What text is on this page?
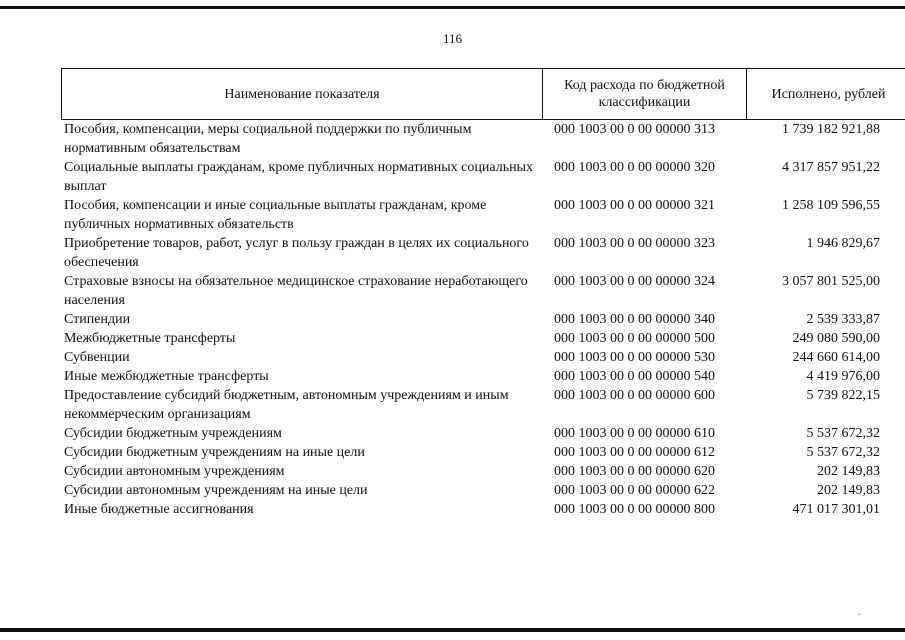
116
Наименование показателя	Код расхода по бюджетной классификации	Исполнено, рублей
Пособия, компенсации, меры социальной поддержки по публичным нормативным обязательствам
000 1003 00 0 00 00000 313	1 739 182 921,88
Социальные выплаты гражданам, кроме публичных нормативных социальных выплат
000 1003 00 0 00 00000 320	4 317 857 951,22
Пособия, компенсации и иные социальные выплаты гражданам, кроме публичных нормативных обязательств
000 1003 00 0 00 00000 321	1 258 109 596,55
Приобретение товаров, работ, услуг в пользу граждан в целях их социального обеспечения
000 1003 00 0 00 00000 323	1 946 829,67
Страховые взносы на обязательное медицинское страхование неработающего населения
000 1003 00 0 00 00000 324	3 057 801 525,00
Стипендии	000 1003 00 0 00 00000 340	2 539 333,87
Межбюджетные трансферты	000 1003 00 0 00 00000 500	249 080 590,00
Субвенции	000 1003 00 0 00 00000 530	244 660 614,00
Иные межбюджетные трансферты	000 1003 00 0 00 00000 540	4 419 976,00
Предоставление субсидий бюджетным, автономным учреждениям и иным некоммерческим организациям
000 1003 00 0 00 00000 600	5 739 822,15
Субсидии бюджетным учреждениям	000 1003 00 0 00 00000 610	5 537 672,32
Субсидии бюджетным учреждениям на иные цели	000 1003 00 0 00 00000 612	5 537 672,32
Субсидии автономным учреждениям	000 1003 00 0 00 00000 620	202 149,83
Субсидии автономным учреждениям на иные цели	000 1003 00 0 00 00000 622	202 149,83
Иные бюджетные ассигнования	000 1003 00 0 00 00000 800	471 017 301,01
.
